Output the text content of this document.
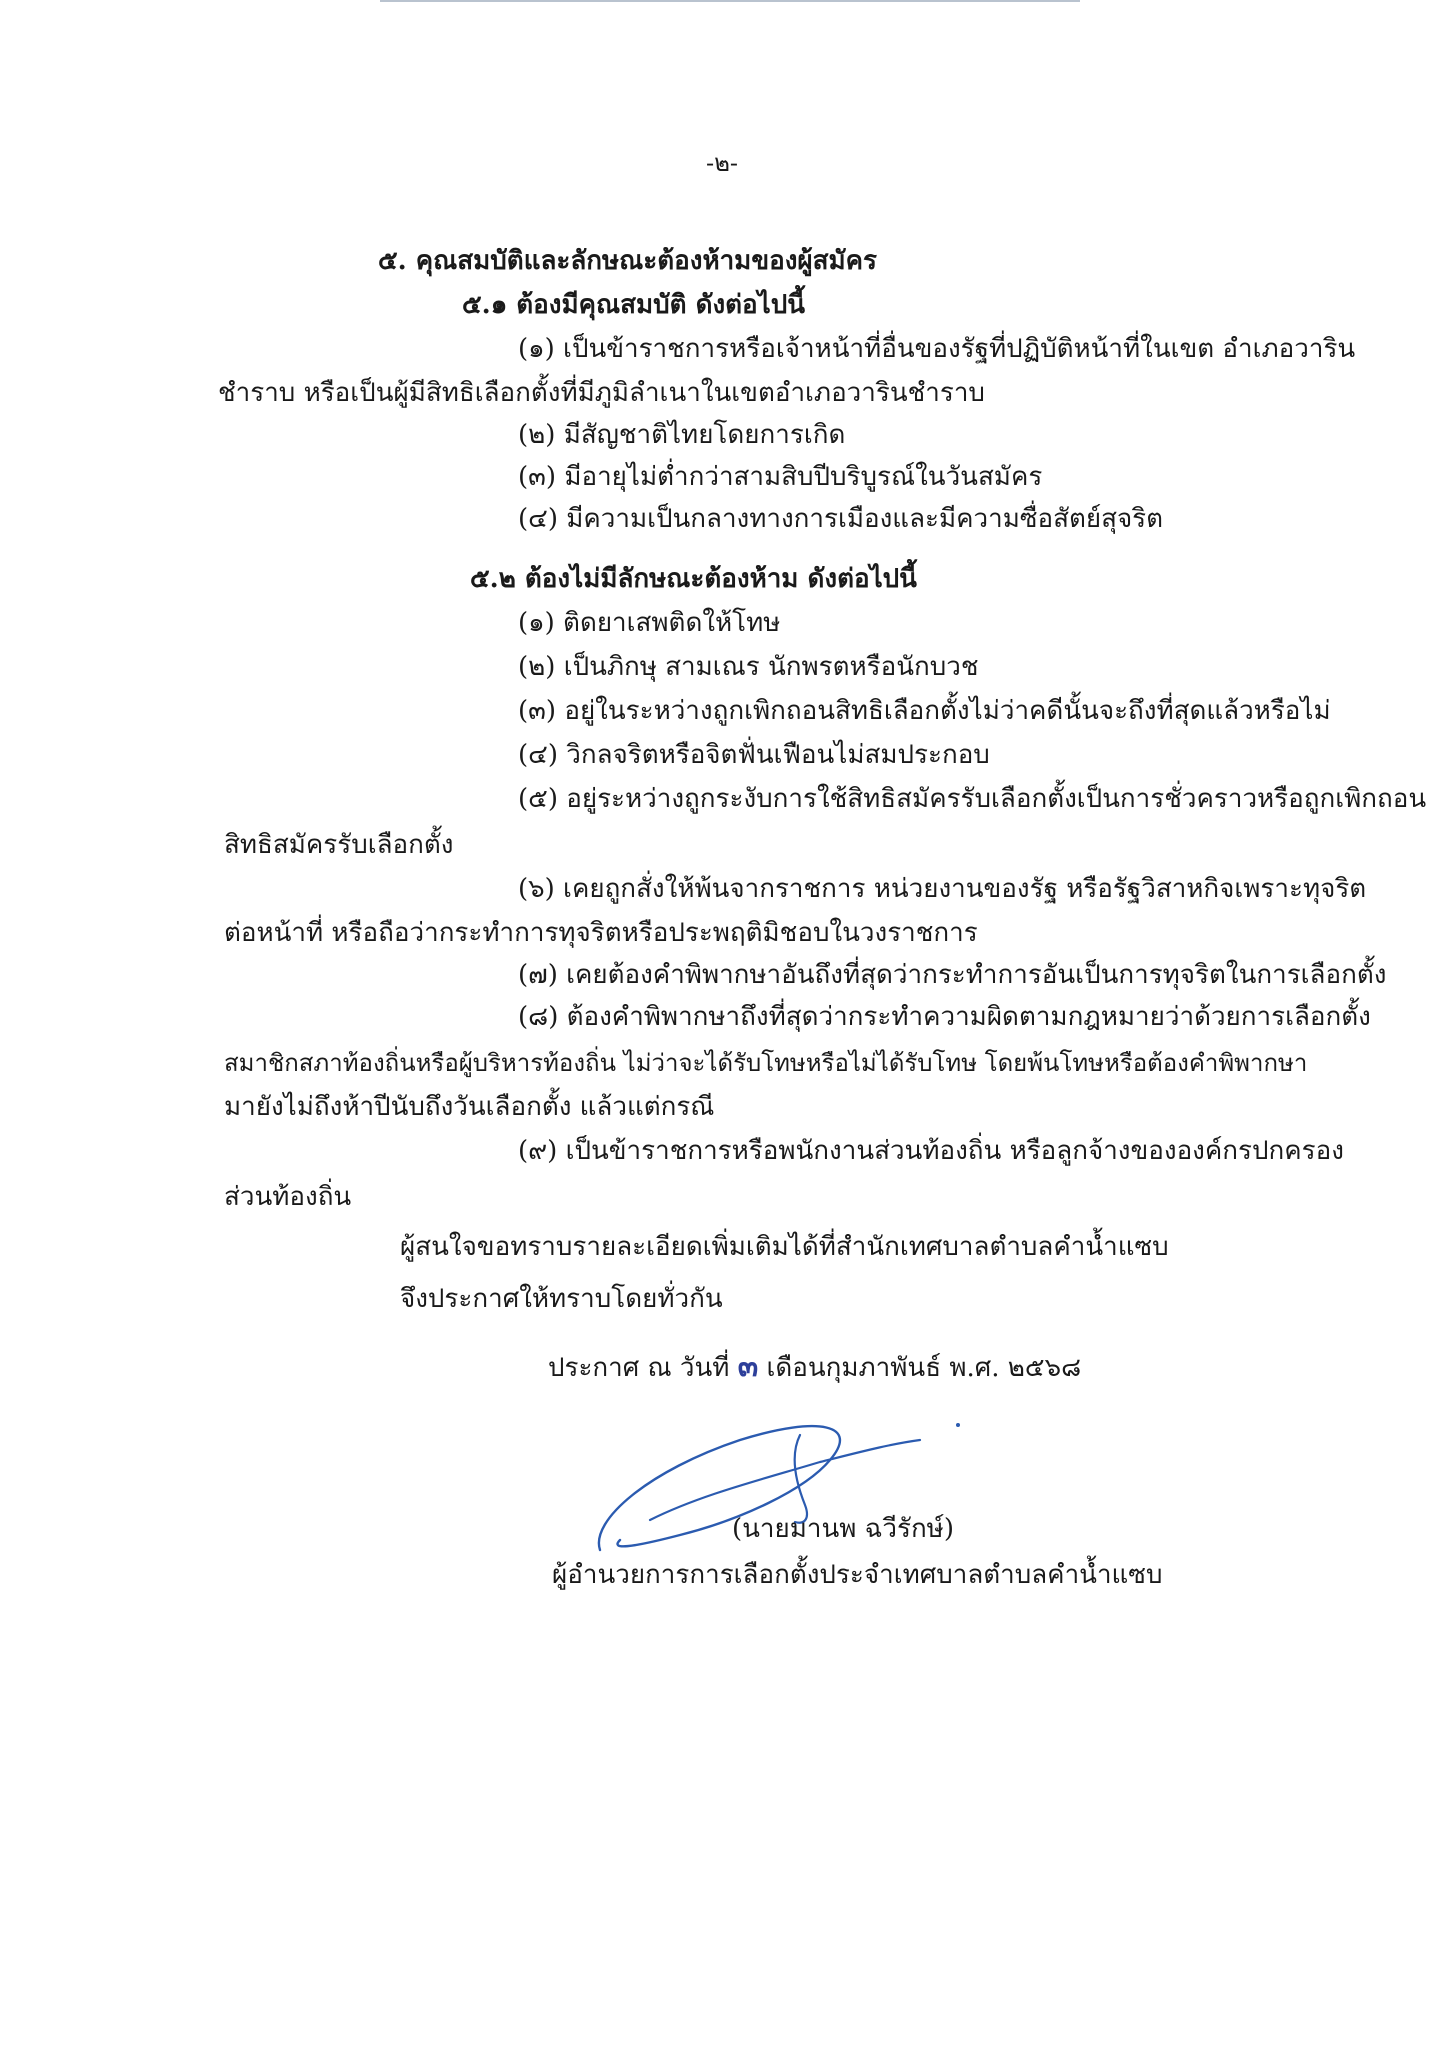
-๒-

๕. คุณสมบัติและลักษณะต้องห้ามของผู้สมัคร

๕.๑ ต้องมีคุณสมบัติ ดังต่อไปนี้

(๑) เป็นข้าราชการหรือเจ้าหน้าที่อื่นของรัฐที่ปฏิบัติหน้าที่ในเขต อำเภอวาริน

ชำราบ หรือเป็นผู้มีสิทธิเลือกตั้งที่มีภูมิลำเนาในเขตอำเภอวารินชำราบ

(๒) มีสัญชาติไทยโดยการเกิด

(๓) มีอายุไม่ต่ำกว่าสามสิบปีบริบูรณ์ในวันสมัคร

(๔) มีความเป็นกลางทางการเมืองและมีความซื่อสัตย์สุจริต

๕.๒ ต้องไม่มีลักษณะต้องห้าม ดังต่อไปนี้

(๑) ติดยาเสพติดให้โทษ

(๒) เป็นภิกษุ สามเณร นักพรตหรือนักบวช

(๓) อยู่ในระหว่างถูกเพิกถอนสิทธิเลือกตั้งไม่ว่าคดีนั้นจะถึงที่สุดแล้วหรือไม่

(๔) วิกลจริตหรือจิตฟั่นเฟือนไม่สมประกอบ

(๕) อยู่ระหว่างถูกระงับการใช้สิทธิสมัครรับเลือกตั้งเป็นการชั่วคราวหรือถูกเพิกถอน

สิทธิสมัครรับเลือกตั้ง

(๖) เคยถูกสั่งให้พ้นจากราชการ หน่วยงานของรัฐ หรือรัฐวิสาหกิจเพราะทุจริต

ต่อหน้าที่ หรือถือว่ากระทำการทุจริตหรือประพฤติมิชอบในวงราชการ

(๗) เคยต้องคำพิพากษาอันถึงที่สุดว่ากระทำการอันเป็นการทุจริตในการเลือกตั้ง

(๘) ต้องคำพิพากษาถึงที่สุดว่ากระทำความผิดตามกฎหมายว่าด้วยการเลือกตั้ง

สมาชิกสภาท้องถิ่นหรือผู้บริหารท้องถิ่น ไม่ว่าจะได้รับโทษหรือไม่ได้รับโทษ โดยพ้นโทษหรือต้องคำพิพากษา

มายังไม่ถึงห้าปีนับถึงวันเลือกตั้ง แล้วแต่กรณี

(๙) เป็นข้าราชการหรือพนักงานส่วนท้องถิ่น หรือลูกจ้างขององค์กรปกครอง

ส่วนท้องถิ่น

ผู้สนใจขอทราบรายละเอียดเพิ่มเติมได้ที่สำนักเทศบาลตำบลคำน้ำแซบ

จึงประกาศให้ทราบโดยทั่วกัน

ประกาศ ณ วันที่ ๓ เดือนกุมภาพันธ์ พ.ศ. ๒๕๖๘

(นายมานพ ฉวีรักษ์)

ผู้อำนวยการการเลือกตั้งประจำเทศบาลตำบลคำน้ำแซบ
